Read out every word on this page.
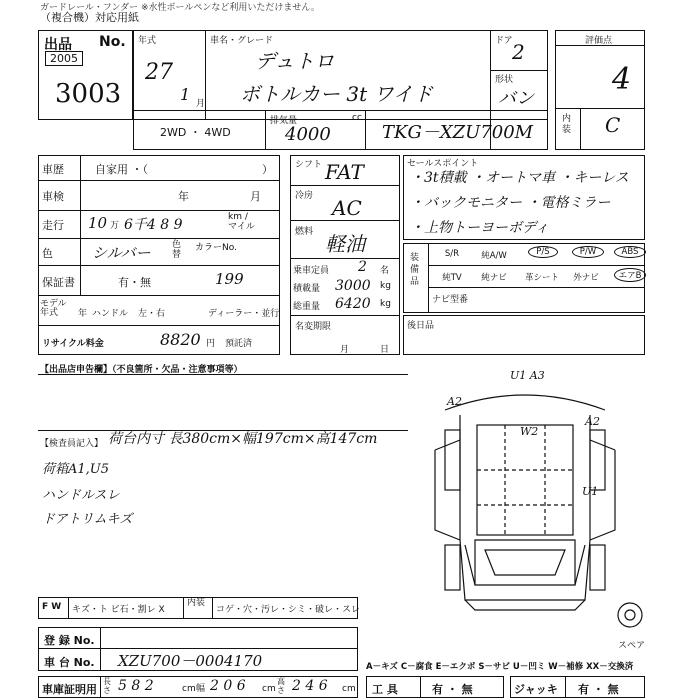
ガードレール・フンダー ※水性ボールペンなど利用いただけません。
（複合機）対応用紙
出品 No.
2005
3003
年式
27
1 月
車名・グレード
デュトロ
ボトルカー 3t ワイド
ドア 2
形状
バン
評価点
4
内装 C
2WD ・ 4WD
排気量	cc
4000	TKG－XZU700M
車歴	自家用 ・（	）
車検	年	月
走行 10 万 6千4 8 9	km / マイル
色	シルバー 色替
カラーNo.
保証書	有・無	199
モデル年式	年 ハンドル 左・右	ディーラー・並行
リサイクル料金	8820 円 預託済
シフト FAT
冷房 AC
燃料 軽油
乗車定員 2 名
積載量 3000 kg
総重量 6420 kg
名変期限
月	日
セールスポイント
・3t積載 ・オートマ車 ・キーレス
・バックモニター ・電格ミラー
・上物トーヨーボディ
装備品
S/R	純A/W	P/S	P/W	ABS
純TV	純ナビ	革シート	外ナビ	エアB
ナビ型番
後日品
【出品店申告欄】（不良箇所・欠品・注意事項等）
【検査員記入】 荷台内寸 長380cm×幅197cm×高147cm
荷箱A1,U5
ハンドルスレ
ドアトリムキズ
U1 A3
A2
W2
A2
U1
スペア
A－キズ C－腐食 E－エクボ S－サビ U－凹ミ W－補修 XX－交換済
F W キズ・ト ビ石・割レ X
内装
コゲ・穴・汚レ・シミ・破レ・スレ
登 録 No.
車 台 No. XZU700－0004170
車庫証明用
長さ 5 8 2	cm 幅 2 0 6 cm
高さ 2 4 6 cm 工 具	有 ・ 無	ジャッキ 有 ・ 無
